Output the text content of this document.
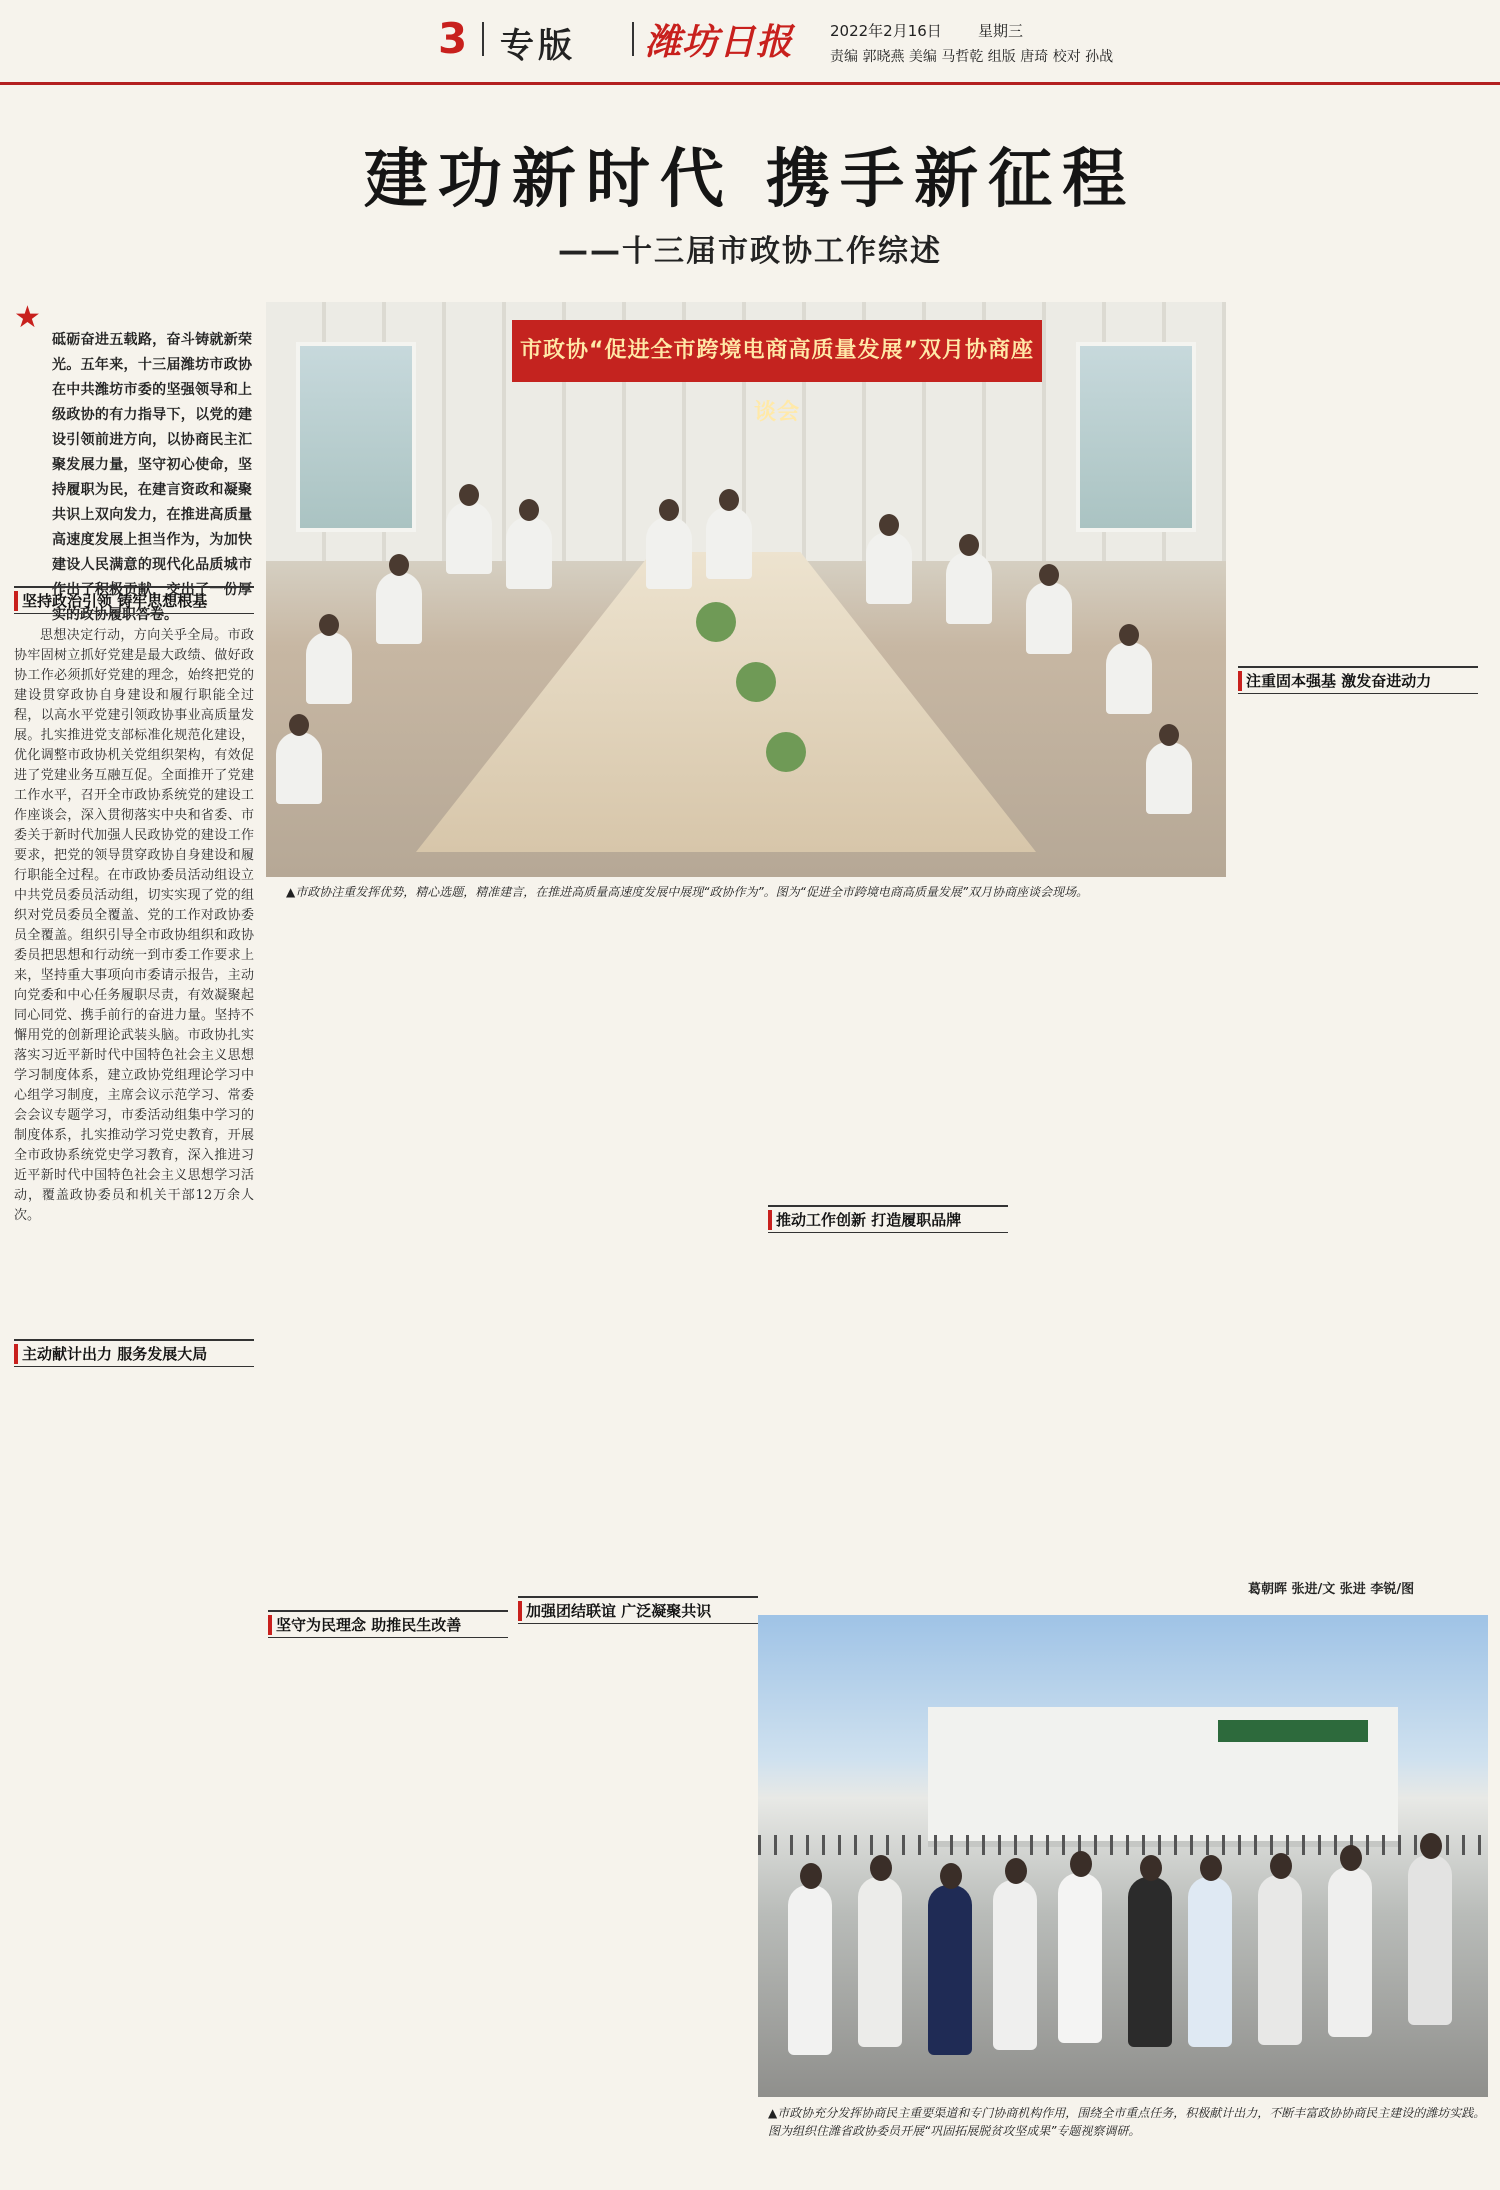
3 专版 潍坊日报 2022年2月16日 星期三
责编 郭晓燕 美编 马哲乾 组版 唐琦 校对 孙战
建功新时代 携手新征程
——十三届市政协工作综述
★
砥砺奋进五载路，奋斗铸就新荣光。五年来，十三届潍坊市政协在中共潍坊市委的坚强领导和上级政协的有力指导下，以党的建设引领前进方向，以协商民主汇聚发展力量，坚守初心使命，坚持履职为民，在建言资政和凝聚共识上双向发力，在推进高质量高速度发展上担当作为，为加快建设人民满意的现代化品质城市作出了积极贡献，交出了一份厚实的政协履职答卷。
市政协“促进全市跨境电商高质量发展”双月协商座谈会
▲市政协注重发挥优势，精心选题，精准建言，在推进高质量高速度发展中展现“政协作为”。图为“促进全市跨境电商高质量发展”双月协商座谈会现场。
坚持政治引领 铸牢思想根基
主动献计出力 服务发展大局
坚守为民理念 助推民生改善
加强团结联谊 广泛凝聚共识
推动工作创新 打造履职品牌
注重固本强基 激发奋进动力

思想决定行动，方向关乎全局。市政协牢固树立抓好党建是最大政绩、做好政协工作必须抓好党建的理念，始终把党的建设贯穿政协自身建设和履行职能全过程，以高水平党建引领政协事业高质量发展。扎实推进党支部标准化规范化建设，优化调整市政协机关党组织架构，有效促进了党建业务互融互促。全面推开了党建工作水平，召开全市政协系统党的建设工作座谈会，深入贯彻落实中央和省委、市委关于新时代加强人民政协党的建设工作要求，把党的领导贯穿政协自身建设和履行职能全过程。在市政协委员活动组设立中共党员委员活动组，切实实现了党的组织对党员委员全覆盖、党的工作对政协委员全覆盖。组织引导全市政协组织和政协委员把思想和行动统一到市委工作要求上来，坚持重大事项向市委请示报告，主动向党委和中心任务履职尽责，有效凝聚起同心同党、携手前行的奋进力量。坚持不懈用党的创新理论武装头脑。市政协扎实落实习近平新时代中国特色社会主义思想学习制度体系，建立政协党组理论学习中心组学习制度，主席会议示范学习、常委会会议专题学习，市委活动组集中学习的制度体系，扎实推动学习党史教育，开展全市政协系统党史学习教育，深入推进习近平新时代中国特色社会主义思想学习活动，覆盖政协委员和机关干部12万余人次。

▲市政协充分发挥协商民主重要渠道和专门协商机构作用，围绕全市重点任务，积极献计出力，不断丰富政协协商民主建设的潍坊实践。图为组织住潍省政协委员开展“巩固拓展脱贫攻坚成果”专题视察调研。
葛朝晖 张进/文 张进 李锐/图
